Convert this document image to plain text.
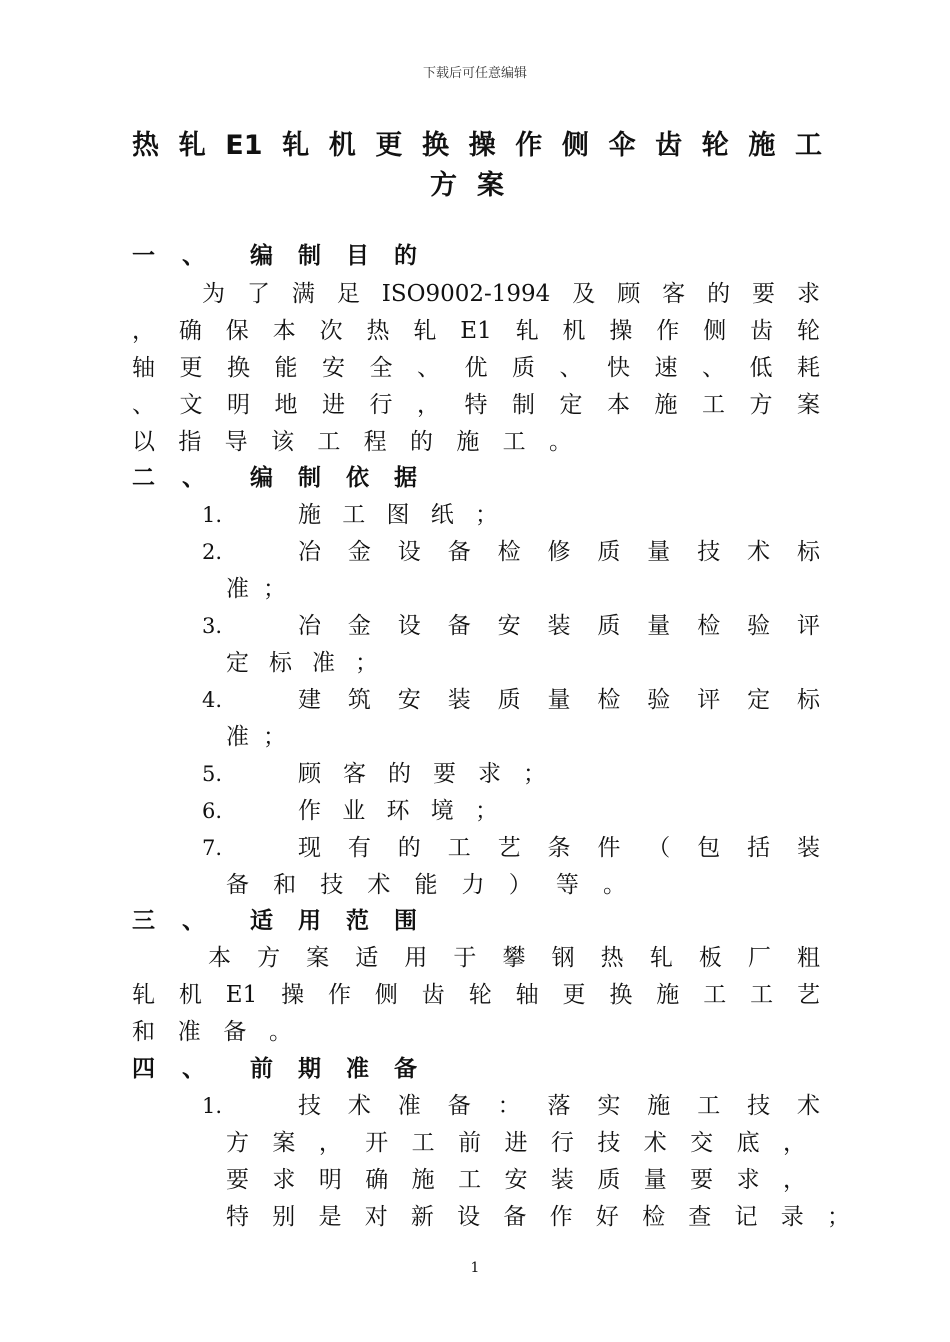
下载后可任意编辑
热轧E1轧机更换操作侧伞齿轮施工
方案
一 、 编制目的
为了满足ISO9002-1994及顾客的要求
，确保本次热轧E1轧机操作侧齿轮
轴更换能安全、优质、快速、低耗
、文明地进行，特制定本施工方案
以指导该工程的施工。
二 、 编制依据
1.	施工图纸；
2.	冶金设备检修质量技术标
准；
3.	冶金设备安装质量检验评
定标准；
4.	建筑安装质量检验评定标
准；
5.	顾客的要求；
6.	作业环境；
7.	现有的工艺条件（包括装
备和技术能力）等。
三 、 适用范围
本方案适用于攀钢热轧板厂粗
轧机E1操作侧齿轮轴更换施工工艺
和准备。
四 、 前期准备
1.	技术准备：落实施工技术
方案，开工前进行技术交底，
要求明确施工安装质量要求，
特别是对新设备作好检查记录；
1
